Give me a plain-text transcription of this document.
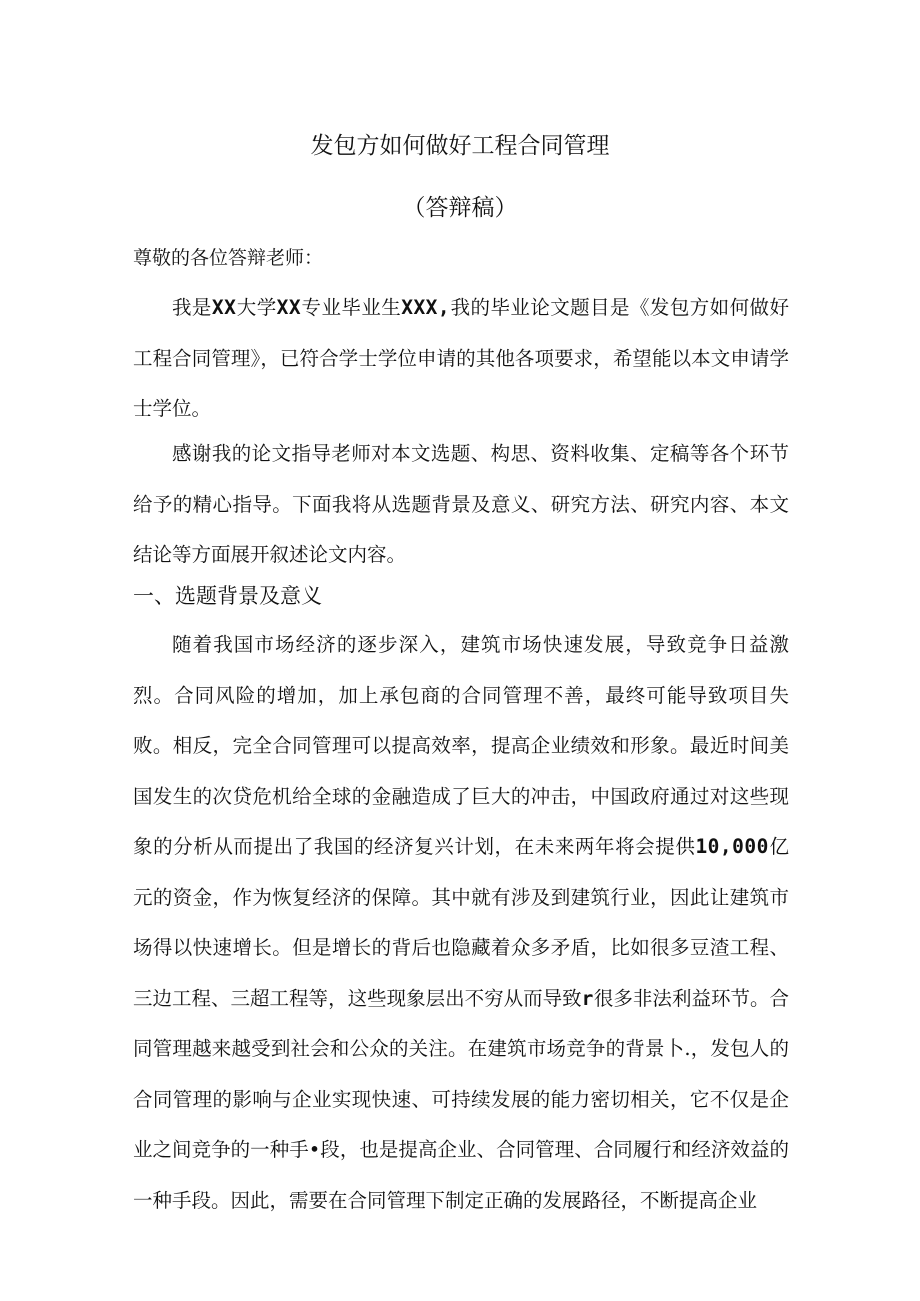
发包方如何做好工程合同管理
（答辩稿）

尊敬的各位答辩老师：

我是XX大学XX专业毕业生XXX,我的毕业论文题目是《发包方如何做好工程合同管理》，已符合学士学位申请的其他各项要求，希望能以本文申请学士学位。

感谢我的论文指导老师对本文选题、构思、资料收集、定稿等各个环节给予的精心指导。下面我将从选题背景及意义、研究方法、研究内容、本文结论等方面展开叙述论文内容。

一、选题背景及意义

随着我国市场经济的逐步深入，建筑市场快速发展，导致竞争日益激烈。合同风险的增加，加上承包商的合同管理不善，最终可能导致项目失败。相反，完全合同管理可以提高效率，提高企业绩效和形象。最近时间美国发生的次贷危机给全球的金融造成了巨大的冲击，中国政府通过对这些现象的分析从而提出了我国的经济复兴计划，在未来两年将会提供10,000亿元的资金，作为恢复经济的保障。其中就有涉及到建筑行业，因此让建筑市场得以快速增长。但是增长的背后也隐藏着众多矛盾，比如很多豆渣工程、三边工程、三超工程等，这些现象层出不穷从而导致r很多非法利益环节。合同管理越来越受到社会和公众的关注。在建筑市场竞争的背景卜.，发包人的合同管理的影响与企业实现快速、可持续发展的能力密切相关，它不仅是企业之间竞争的一种手•段，也是提高企业、合同管理、合同履行和经济效益的一种手段。因此，需要在合同管理下制定正确的发展路径，不断提高企业
